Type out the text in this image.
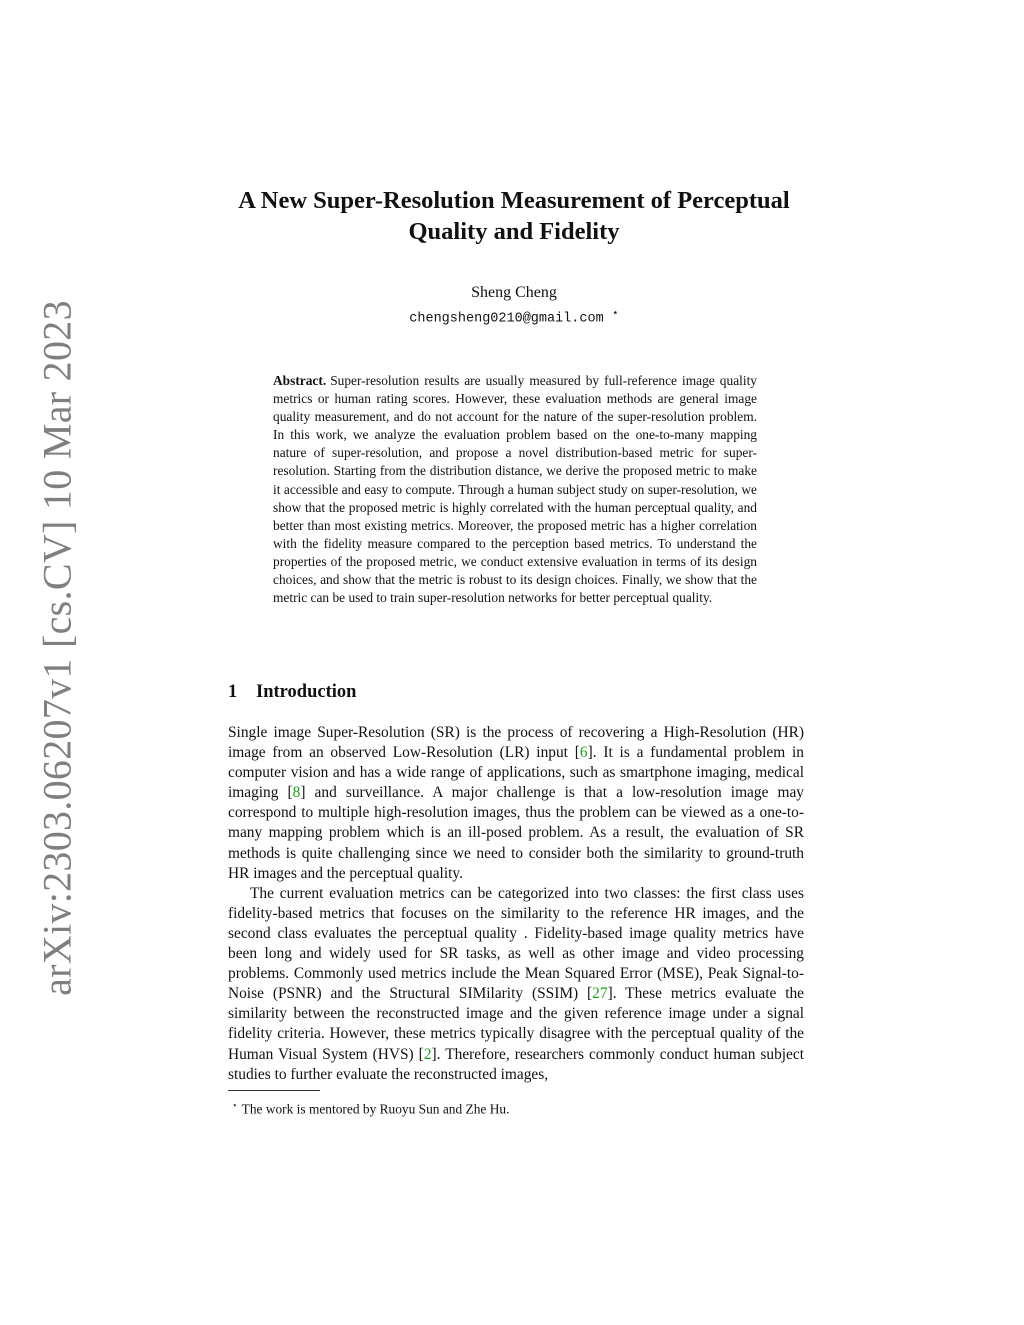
arXiv:2303.06207v1 [cs.CV] 10 Mar 2023
A New Super-Resolution Measurement of Perceptual Quality and Fidelity
Sheng Cheng
chengsheng0210@gmail.com ⋆
Abstract. Super-resolution results are usually measured by full-reference image quality metrics or human rating scores. However, these evaluation methods are general image quality measurement, and do not account for the nature of the super-resolution problem. In this work, we analyze the evaluation problem based on the one-to-many mapping nature of super-resolution, and propose a novel distribution-based metric for super-resolution. Starting from the distribution distance, we derive the proposed metric to make it accessible and easy to compute. Through a human subject study on super-resolution, we show that the proposed metric is highly correlated with the human perceptual quality, and better than most existing metrics. Moreover, the proposed metric has a higher correlation with the fidelity measure compared to the perception based metrics. To understand the properties of the proposed metric, we conduct extensive evaluation in terms of its design choices, and show that the metric is robust to its design choices. Finally, we show that the metric can be used to train super-resolution networks for better perceptual quality.
1 Introduction

Single image Super-Resolution (SR) is the process of recovering a High-Resolution (HR) image from an observed Low-Resolution (LR) input [6]. It is a fundamental problem in computer vision and has a wide range of applications, such as smartphone imaging, medical imaging [8] and surveillance. A major challenge is that a low-resolution image may correspond to multiple high-resolution images, thus the problem can be viewed as a one-to-many mapping problem which is an ill-posed problem. As a result, the evaluation of SR methods is quite challenging since we need to consider both the similarity to ground-truth HR images and the perceptual quality.

The current evaluation metrics can be categorized into two classes: the first class uses fidelity-based metrics that focuses on the similarity to the reference HR images, and the second class evaluates the perceptual quality . Fidelity-based image quality metrics have been long and widely used for SR tasks, as well as other image and video processing problems. Commonly used metrics include the Mean Squared Error (MSE), Peak Signal-to-Noise (PSNR) and the Structural SIMilarity (SSIM) [27]. These metrics evaluate the similarity between the reconstructed image and the given reference image under a signal fidelity criteria. However, these metrics typically disagree with the perceptual quality of the Human Visual System (HVS) [2]. Therefore, researchers commonly conduct human subject studies to further evaluate the reconstructed images,

⋆ The work is mentored by Ruoyu Sun and Zhe Hu.
